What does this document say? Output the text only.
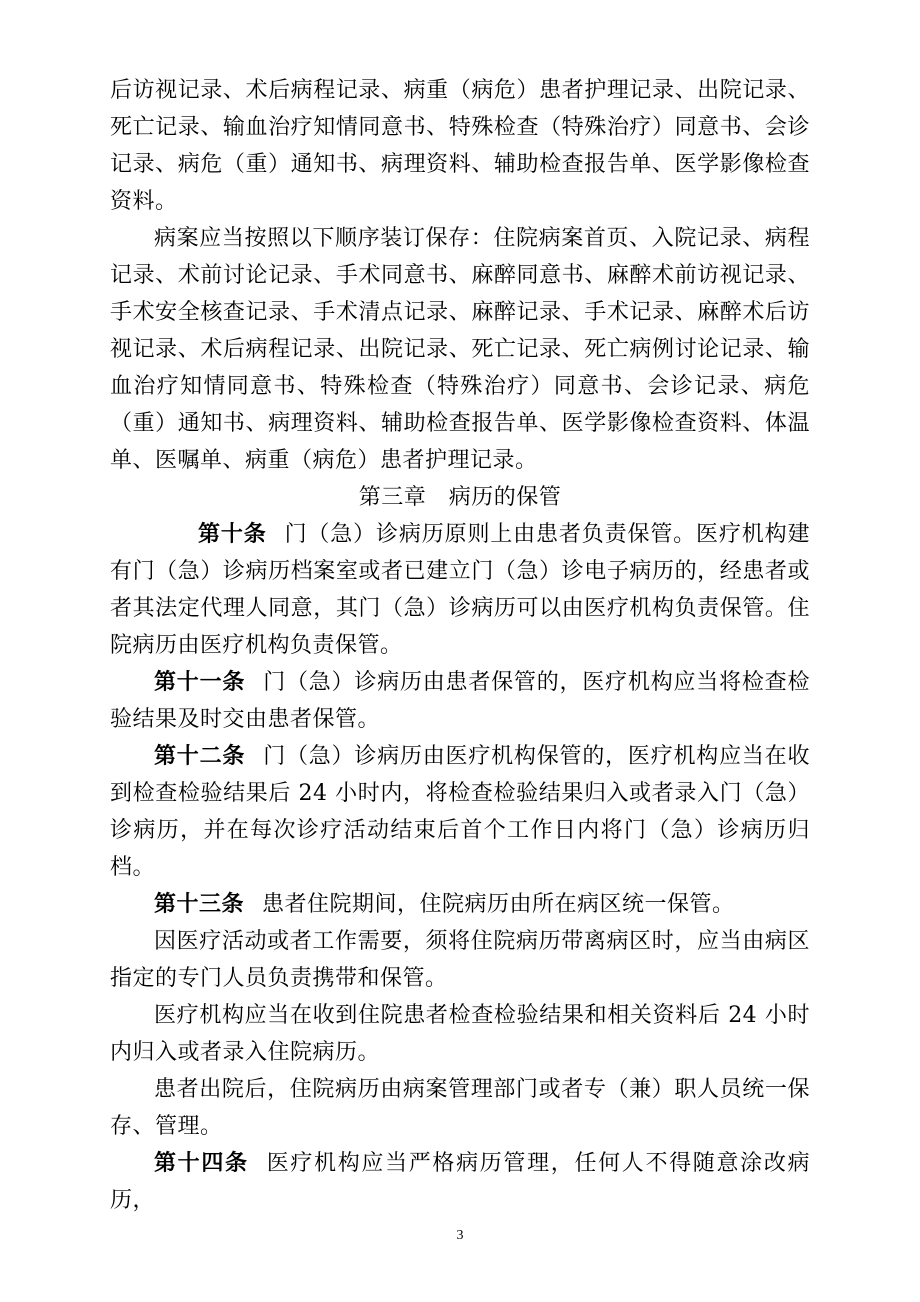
后访视记录、术后病程记录、病重（病危）患者护理记录、出院记录、死亡记录、输血治疗知情同意书、特殊检查（特殊治疗）同意书、会诊记录、病危（重）通知书、病理资料、辅助检查报告单、医学影像检查资料。

病案应当按照以下顺序装订保存：住院病案首页、入院记录、病程记录、术前讨论记录、手术同意书、麻醉同意书、麻醉术前访视记录、手术安全核查记录、手术清点记录、麻醉记录、手术记录、麻醉术后访视记录、术后病程记录、出院记录、死亡记录、死亡病例讨论记录、输血治疗知情同意书、特殊检查（特殊治疗）同意书、会诊记录、病危（重）通知书、病理资料、辅助检查报告单、医学影像检查资料、体温单、医嘱单、病重（病危）患者护理记录。

第三章　病历的保管

第十条 门（急）诊病历原则上由患者负责保管。医疗机构建有门（急）诊病历档案室或者已建立门（急）诊电子病历的，经患者或者其法定代理人同意，其门（急）诊病历可以由医疗机构负责保管。住院病历由医疗机构负责保管。

第十一条 门（急）诊病历由患者保管的，医疗机构应当将检查检验结果及时交由患者保管。

第十二条 门（急）诊病历由医疗机构保管的，医疗机构应当在收到检查检验结果后 24 小时内，将检查检验结果归入或者录入门（急）诊病历，并在每次诊疗活动结束后首个工作日内将门（急）诊病历归档。

第十三条 患者住院期间，住院病历由所在病区统一保管。

因医疗活动或者工作需要，须将住院病历带离病区时，应当由病区指定的专门人员负责携带和保管。

医疗机构应当在收到住院患者检查检验结果和相关资料后 24 小时内归入或者录入住院病历。

患者出院后，住院病历由病案管理部门或者专（兼）职人员统一保存、管理。

第十四条 医疗机构应当严格病历管理，任何人不得随意涂改病历，

3
